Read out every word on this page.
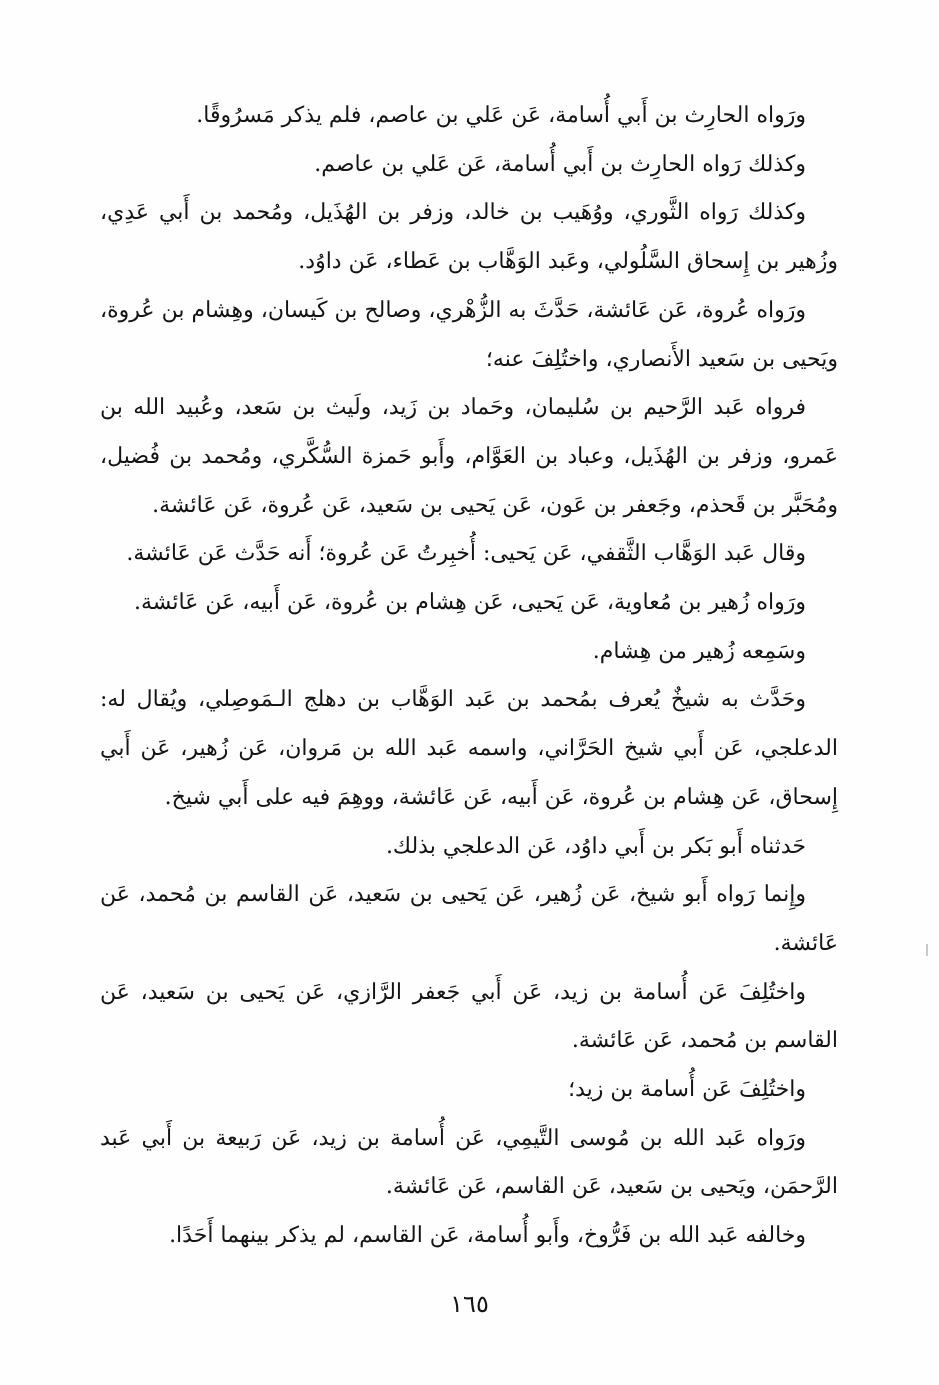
ورَواه الحارِث بن أَبي أُسامة، عَن عَلي بن عاصم، فلم يذكر مَسرُوقًا.

وكذلك رَواه الحارِث بن أَبي أُسامة، عَن عَلي بن عاصم.

وكذلك رَواه الثَّوري، ووُهَيب بن خالد، وزفر بن الهُذَيل، ومُحمد بن أَبي عَدِي، وزُهير بن إِسحاق السَّلُولي، وعَبد الوَهَّاب بن عَطاء، عَن داوُد.

ورَواه عُروة، عَن عَائشة، حَدَّثَ به الزُّهْري، وصالح بن كَيسان، وهِشام بن عُروة، ويَحيى بن سَعيد الأَنصاري، واختُلِفَ عنه؛

فرواه عَبد الرَّحيم بن سُليمان، وحَماد بن زَيد، ولَيث بن سَعد، وعُبيد الله بن عَمرو، وزفر بن الهُذَيل، وعباد بن العَوَّام، وأَبو حَمزة السُّكَّري، ومُحمد بن فُضيل، ومُحَبَّر بن قَحذم، وجَعفر بن عَون، عَن يَحيى بن سَعيد، عَن عُروة، عَن عَائشة.

وقال عَبد الوَهَّاب الثَّقفي، عَن يَحيى: أُخبِرتُ عَن عُروة؛ أَنه حَدَّث عَن عَائشة.

ورَواه زُهير بن مُعاوية، عَن يَحيى، عَن هِشام بن عُروة، عَن أَبيه، عَن عَائشة.

وسَمِعه زُهير من هِشام.

وحَدَّث به شيخٌ يُعرف بمُحمد بن عَبد الوَهَّاب بن دهلج الـمَوصِلي، ويُقال له: الدعلجي، عَن أَبي شيخ الحَرَّاني، واسمه عَبد الله بن مَروان، عَن زُهير، عَن أَبي إِسحاق، عَن هِشام بن عُروة، عَن أَبيه، عَن عَائشة، ووهِمَ فيه على أَبي شيخ.

حَدثناه أَبو بَكر بن أَبي داوُد، عَن الدعلجي بذلك.

وإِنما رَواه أَبو شيخ، عَن زُهير، عَن يَحيى بن سَعيد، عَن القاسم بن مُحمد، عَن عَائشة.

واختُلِفَ عَن أُسامة بن زيد، عَن أَبي جَعفر الرَّازي، عَن يَحيى بن سَعيد، عَن القاسم بن مُحمد، عَن عَائشة.

واختُلِفَ عَن أُسامة بن زيد؛

ورَواه عَبد الله بن مُوسى التَّيمِي، عَن أُسامة بن زيد، عَن رَبيعة بن أَبي عَبد الرَّحمَن، ويَحيى بن سَعيد، عَن القاسم، عَن عَائشة.

وخالفه عَبد الله بن فَرُّوخ، وأَبو أُسامة، عَن القاسم، لم يذكر بينهما أَحَدًا.

١٦٥
